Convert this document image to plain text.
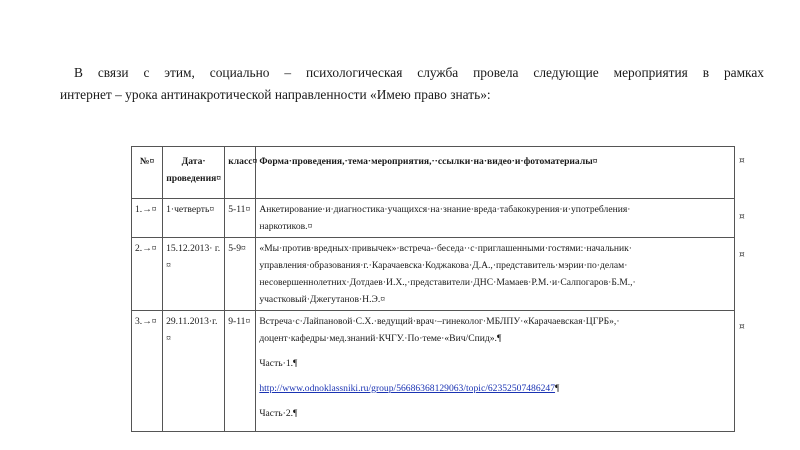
В связи с этим, социально – психологическая служба провела следующие мероприятия в рамках
интернет – урока антинакротической направленности «Имею право знать»:
№¤	Дата· проведения¤	класс¤	Форма·проведения,·тема·мероприятия,··ссылки·на·видео·и·фотоматериалы¤
1.→¤	1·четверть¤	5-11¤	Анкетирование·и·диагностика·учащихся·на·знание·вреда·табакокурения·и·употребления·
наркотиков.¤
2.→¤	15.12.2013· г.¤	5-9¤	«Мы·против·вредных·привычек»·встреча-·беседа··с·приглашенными·гостями:·начальник·
управления·образования·г.·Карачаевска·Коджакова·Д.А.,·представитель·мэрии·по·делам·
несовершеннолетних·Дотдаев·И.Х.,·представители·ДНС·Мамаев·Р.М.·и·Салпогаров·Б.М.,·
участковый·Джегутанов·Н.Э.¤
3.→¤	29.11.2013·г.¤	9-11¤	Встреча·с·Лайпановой·С.Х.·ведущий·врач·–гинеколог·МБЛПУ·«Карачаевская·ЦГРБ»,·
доцент·кафедры·мед.знаний·КЧГУ.·По·теме·«Вич/Спид».¶
Часть·1.¶
http://www.odnoklassniki.ru/group/56686368129063/topic/62352507486247¶
Часть·2.¶
¤
¤
¤
¤
